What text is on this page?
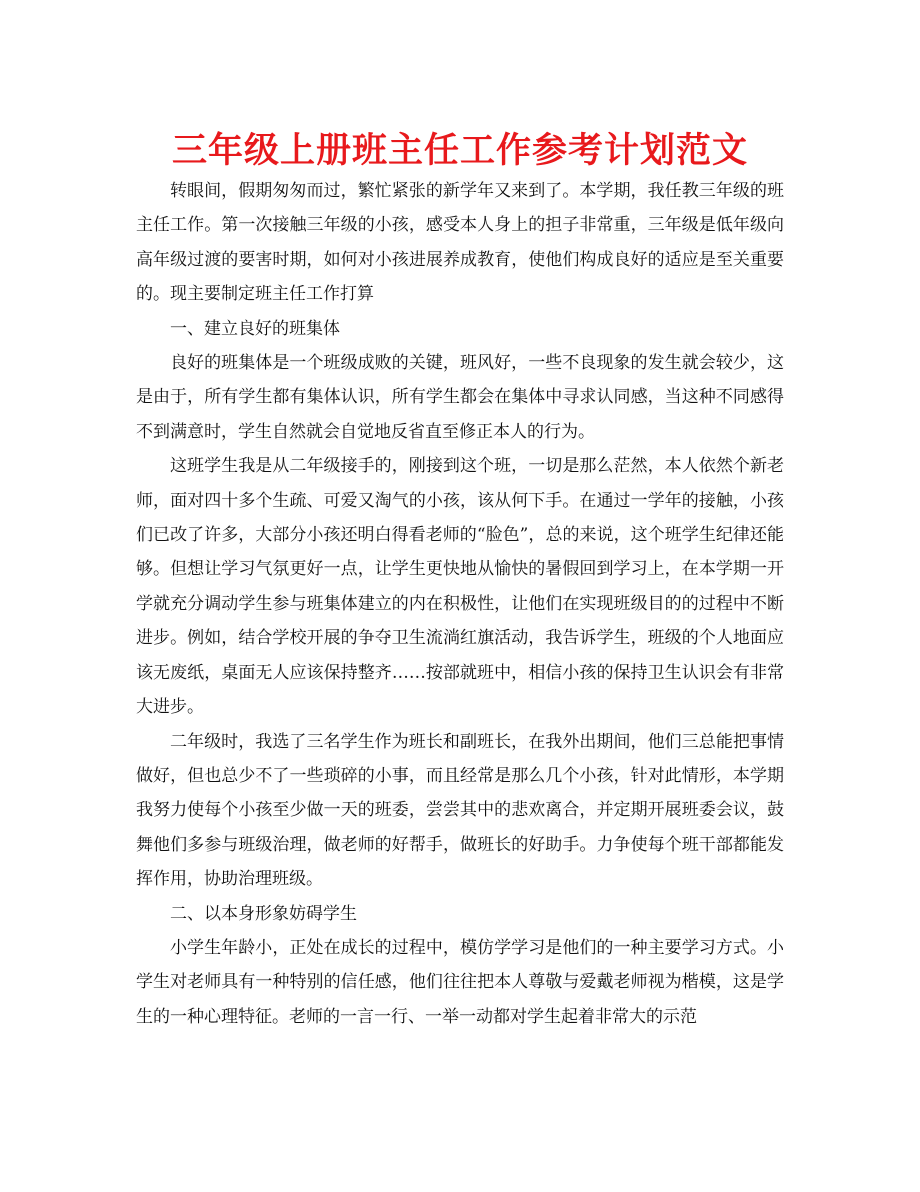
三年级上册班主任工作参考计划范文

转眼间，假期匆匆而过，繁忙紧张的新学年又来到了。本学期，我任教三年级的班主任工作。第一次接触三年级的小孩，感受本人身上的担子非常重，三年级是低年级向高年级过渡的要害时期，如何对小孩进展养成教育，使他们构成良好的适应是至关重要的。现主要制定班主任工作打算

一、建立良好的班集体

良好的班集体是一个班级成败的关键，班风好，一些不良现象的发生就会较少，这是由于，所有学生都有集体认识，所有学生都会在集体中寻求认同感，当这种不同感得不到满意时，学生自然就会自觉地反省直至修正本人的行为。

这班学生我是从二年级接手的，刚接到这个班，一切是那么茫然，本人依然个新老师，面对四十多个生疏、可爱又淘气的小孩，该从何下手。在通过一学年的接触，小孩们已改了许多，大部分小孩还明白得看老师的“脸色”，总的来说，这个班学生纪律还能够。但想让学习气氛更好一点，让学生更快地从愉快的暑假回到学习上，在本学期一开学就充分调动学生参与班集体建立的内在积极性，让他们在实现班级目的的过程中不断进步。例如，结合学校开展的争夺卫生流淌红旗活动，我告诉学生，班级的个人地面应该无废纸，桌面无人应该保持整齐……按部就班中，相信小孩的保持卫生认识会有非常大进步。

二年级时，我选了三名学生作为班长和副班长，在我外出期间，他们三总能把事情做好，但也总少不了一些琐碎的小事，而且经常是那么几个小孩，针对此情形，本学期我努力使每个小孩至少做一天的班委，尝尝其中的悲欢离合，并定期开展班委会议，鼓舞他们多参与班级治理，做老师的好帮手，做班长的好助手。力争使每个班干部都能发挥作用，协助治理班级。

二、以本身形象妨碍学生

小学生年龄小，正处在成长的过程中，模仿学学习是他们的一种主要学习方式。小学生对老师具有一种特别的信任感，他们往往把本人尊敬与爱戴老师视为楷模，这是学生的一种心理特征。老师的一言一行、一举一动都对学生起着非常大的示范
